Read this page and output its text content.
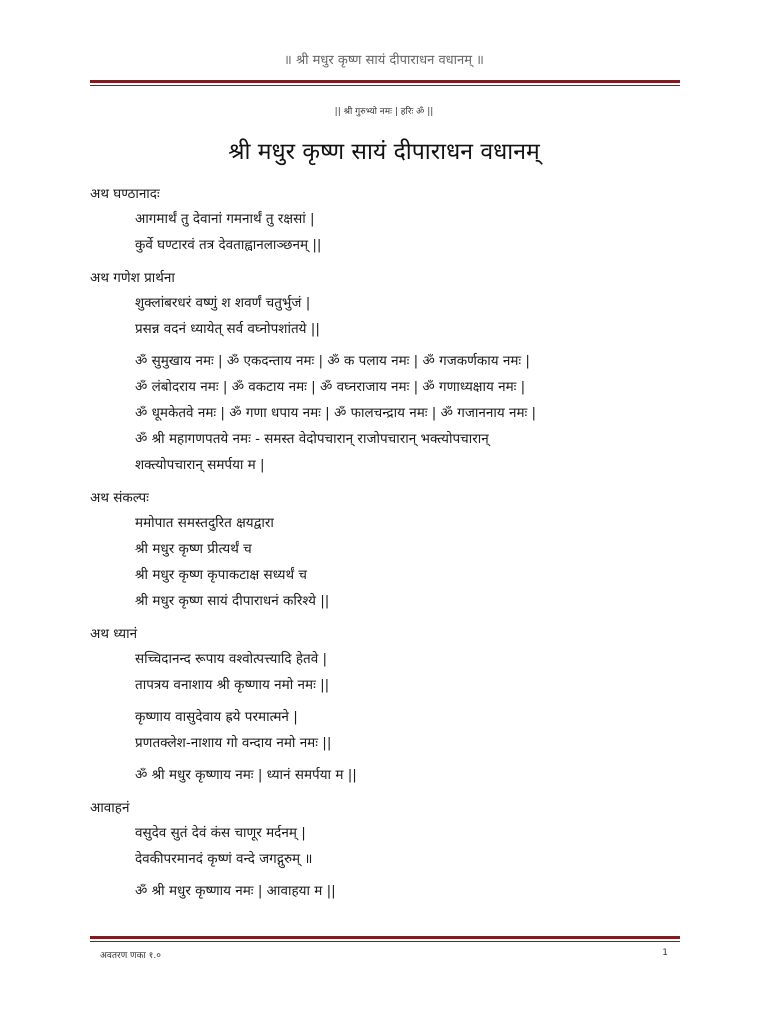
॥ श्री मधुर कृष्ण सायं दीपाराधन वधानम् ॥
|| श्री गुरुभ्यो नमः | हरिः ॐ ||
श्री मधुर कृष्ण सायं दीपाराधन वधानम्
अथ घण्ठानादः
आगमार्थं तु देवानां गमनार्थं तु रक्षसां |
कुर्वे घण्टारवं तत्र देवताह्वानलाञ्छनम् ||
अथ गणेश प्रार्थना
शुक्लांबरधरं वष्णुं श शवर्णं चतुर्भुजं |
प्रसन्न वदनं ध्यायेत् सर्व वघ्नोपशांतये ||
ॐ सुमुखाय नमः | ॐ एकदन्ताय नमः | ॐ क पलाय नमः | ॐ गजकर्णकाय नमः |
ॐ लंबोदराय नमः | ॐ वकटाय नमः | ॐ वघ्नराजाय नमः | ॐ गणाध्यक्षाय नमः |
ॐ धूमकेतवे नमः | ॐ गणा धपाय नमः | ॐ फालचन्द्राय नमः | ॐ गजाननाय नमः |
ॐ श्री महागणपतये नमः - समस्त वेदोपचारान् राजोपचारान् भक्त्योपचारान्
शक्त्योपचारान् समर्पया म |
अथ संकल्पः
ममोपात समस्तदुरित क्षयद्वारा
श्री मधुर कृष्ण प्रीत्यर्थं च
श्री मधुर कृष्ण कृपाकटाक्ष सध्यर्थं च
श्री मधुर कृष्ण सायं दीपाराधनं करिश्ये ||
अथ ध्यानं
सच्चिदानन्द रूपाय वश्वोत्पत्त्यादि हेतवे |
तापत्रय वनाशाय श्री कृष्णाय नमो नमः ||
कृष्णाय वासुदेवाय ह्रये परमात्मने |
प्रणतक्लेश-नाशाय गो वन्दाय नमो नमः ||
ॐ श्री मधुर कृष्णाय नमः | ध्यानं समर्पया म ||
आवाहनं
वसुदेव सुतं देवं कंस चाणूर मर्दनम् |
देवकीपरमानदं कृष्णं वन्दे जगद्गुरुम् ॥
ॐ श्री मधुर कृष्णाय नमः | आवाहया म ||
अवतरण णका १.०	1
